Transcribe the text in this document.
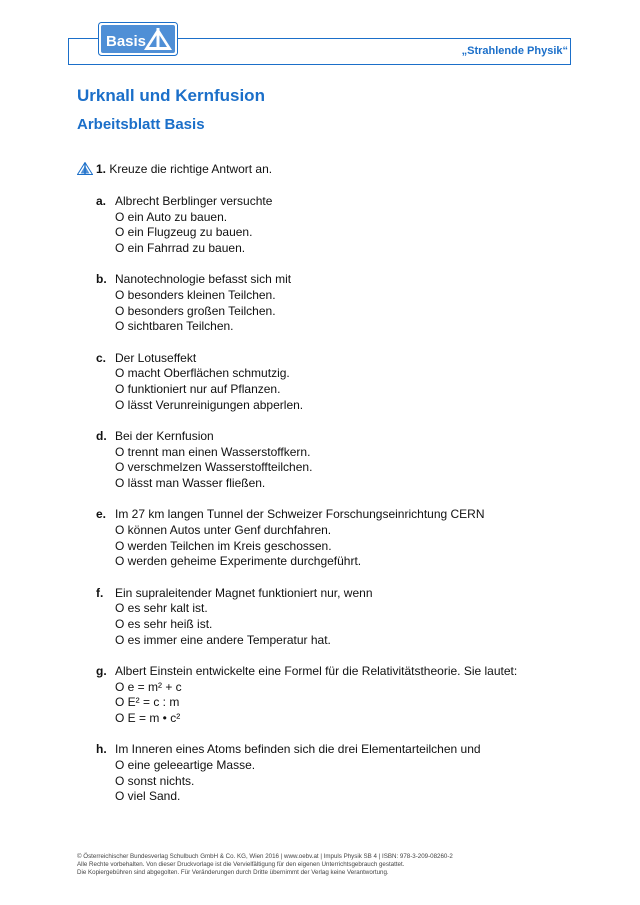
Basis
„Strahlende Physik“
Urknall und Kernfusion
Arbeitsblatt Basis
1. Kreuze die richtige Antwort an.
a. Albrecht Berblinger versuchte
O ein Auto zu bauen.
O ein Flugzeug zu bauen.
O ein Fahrrad zu bauen.
b. Nanotechnologie befasst sich mit
O besonders kleinen Teilchen.
O besonders großen Teilchen.
O sichtbaren Teilchen.
c. Der Lotuseffekt
O macht Oberflächen schmutzig.
O funktioniert nur auf Pflanzen.
O lässt Verunreinigungen abperlen.
d. Bei der Kernfusion
O trennt man einen Wasserstoffkern.
O verschmelzen Wasserstoffteilchen.
O lässt man Wasser fließen.
e. Im 27 km langen Tunnel der Schweizer Forschungseinrichtung CERN
O können Autos unter Genf durchfahren.
O werden Teilchen im Kreis geschossen.
O werden geheime Experimente durchgeführt.
f. Ein supraleitender Magnet funktioniert nur, wenn
O es sehr kalt ist.
O es sehr heiß ist.
O es immer eine andere Temperatur hat.
g. Albert Einstein entwickelte eine Formel für die Relativitätstheorie. Sie lautet:
O e = m² + c
O E² = c : m
O E = m • c²
h. Im Inneren eines Atoms befinden sich die drei Elementarteilchen und
O eine geleeartige Masse.
O sonst nichts.
O viel Sand.
© Österreichischer Bundesverlag Schulbuch GmbH & Co. KG, Wien 2016 | www.oebv.at | Impuls Physik SB 4 | ISBN: 978-3-209-08260-2
Alle Rechte vorbehalten. Von dieser Druckvorlage ist die Vervielfältigung für den eigenen Unterrichtsgebrauch gestattet.
Die Kopiergebühren sind abgegolten. Für Veränderungen durch Dritte übernimmt der Verlag keine Verantwortung.
